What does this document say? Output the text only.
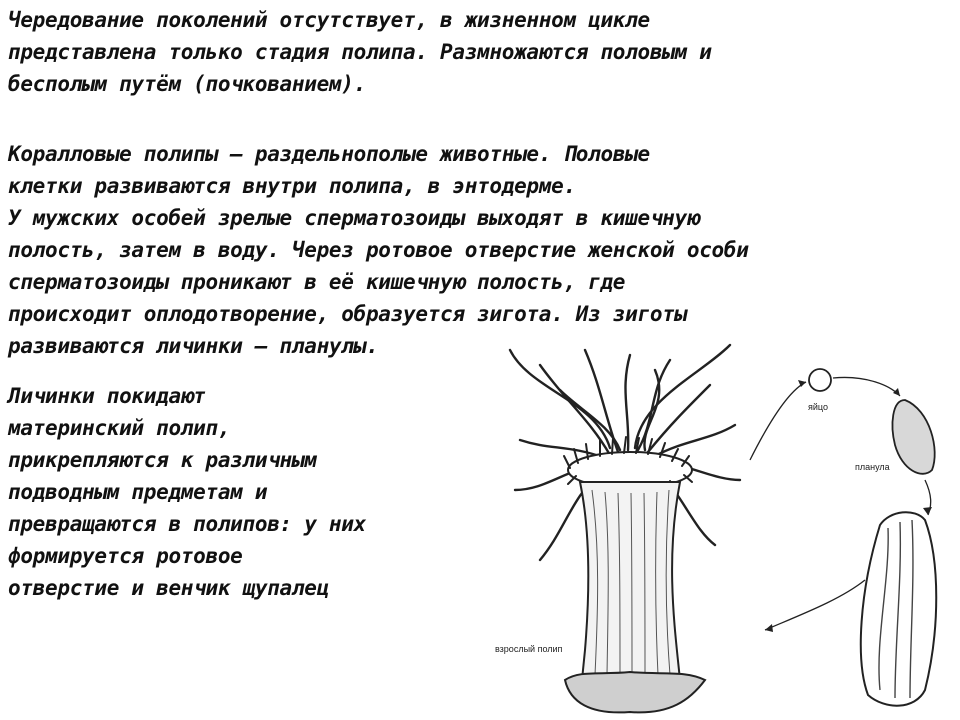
Чередование поколений отсутствует, в жизненном цикле
представлена только стадия полипа. Размножаются половым и
бесполым путём (почкованием).

Коралловые полипы — раздельнополые животные. Половые
клетки развиваются внутри полипа, в энтодерме.
У мужских особей зрелые сперматозоиды выходят в кишечную
полость, затем в воду. Через ротовое отверстие женской особи
сперматозоиды проникают в её кишечную полость, где
происходит оплодотворение, образуется зигота. Из зиготы
развиваются личинки — планулы.

Личинки покидают
материнский полип,
прикрепляются к различным
подводным предметам и
превращаются в полипов: у них
формируется ротовое
отверстие и венчик щупалец

яйцо
планула
взрослый полип
